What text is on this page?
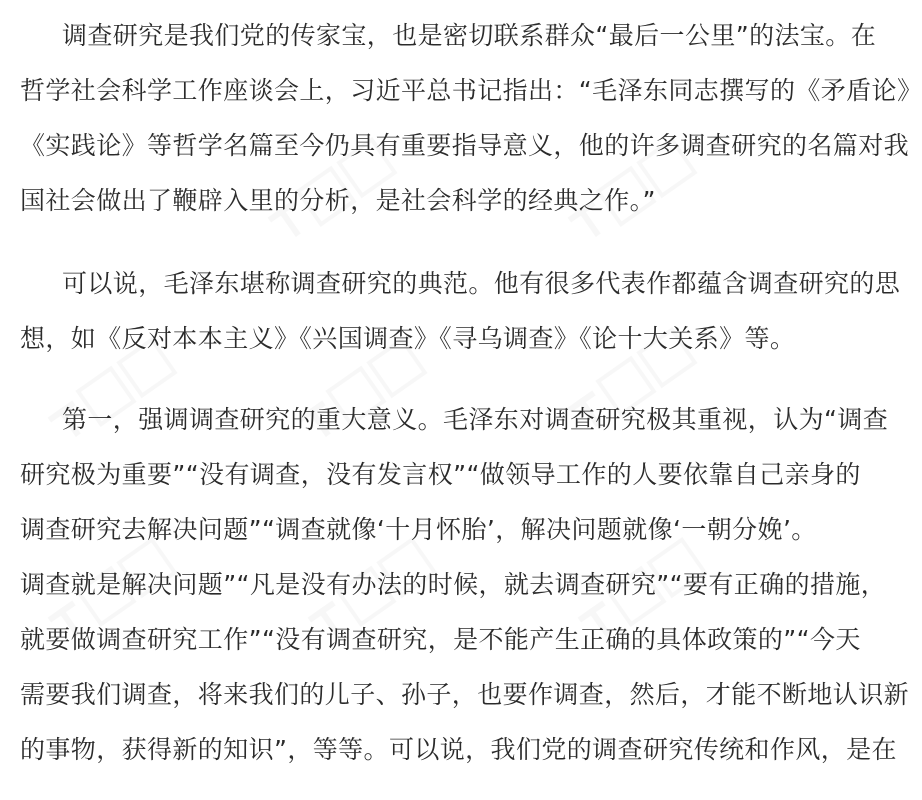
调查研究是我们党的传家宝，也是密切联系群众“最后一公里”的法宝。在
哲学社会科学工作座谈会上，习近平总书记指出：“毛泽东同志撰写的《矛盾论》
《实践论》等哲学名篇至今仍具有重要指导意义，他的许多调查研究的名篇对我
国社会做出了鞭辟入里的分析，是社会科学的经典之作。”
可以说，毛泽东堪称调查研究的典范。他有很多代表作都蕴含调查研究的思
想，如《反对本本主义》《兴国调查》《寻乌调查》《论十大关系》等。
第一，强调调查研究的重大意义。毛泽东对调查研究极其重视，认为“调查
研究极为重要”“没有调查，没有发言权”“做领导工作的人要依靠自己亲身的
调查研究去解决问题”“调查就像‘十月怀胎’，解决问题就像‘一朝分娩’。
调查就是解决问题”“凡是没有办法的时候，就去调查研究”“要有正确的措施，
就要做调查研究工作”“没有调查研究，是不能产生正确的具体政策的”“今天
需要我们调查，将来我们的儿子、孙子，也要作调查，然后，才能不断地认识新
的事物，获得新的知识”，等等。可以说，我们党的调查研究传统和作风，是在
